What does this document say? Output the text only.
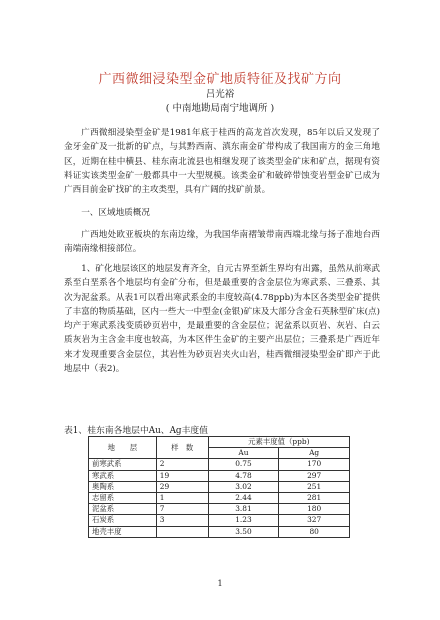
广西微细浸染型金矿地质特征及找矿方向
吕光裕
( 中南地勘局南宁地调所 )

广西微细浸染型金矿是1981年底于桂西的高龙首次发现，85年以后又发现了金牙金矿及一批新的矿点，与其黔西南、滇东南金矿带构成了我国南方的金三角地区，近期在桂中横县、桂东南北流县也相继发现了该类型金矿床和矿点，据现有资料证实该类型金矿一般都具中一大型规模。该类金矿和破碎带蚀变岩型金矿已成为广西目前金矿找矿的主攻类型，具有广阔的找矿前景。

一、区域地质概况

广西地处欧亚板块的东南边缘，为我国华南褶皱带南西端北缘与扬子准地台西南端南缘相接部位。

1、矿化地层该区的地层发育齐全，自元古界至新生界均有出露，虽然从前寒武系至白垩系各个地层均有金矿分布，但是最重要的含金层位为寒武系、三叠系、其次为泥盆系。从表1可以看出寒武系金的丰度较高(4.78ppb)为本区各类型金矿提供了丰富的物质基础，区内一些大一中型金(金银)矿床及大部分含金石英脉型矿床(点)均产于寒武系浅变质砂页岩中，是最重要的含金层位；泥盆系以页岩、灰岩、白云质灰岩为主含金丰度也较高，为本区伴生金矿的主要产出层位；三叠系是广西近年来才发现重要含金层位，其岩性为砂页岩夹火山岩，桂西微细浸染型金矿即产于此地层中（表2)。

表1、桂东南各地层中Au、Ag丰度值
地　　层	样　数	元素丰度值（ppb)	
		Au	Ag
前寒武系	2	0.75	170
寒武系	19	4.78	297
奥陶系	29	3.02	251
志留系	1	2.44	281
泥盆系	7	3.81	180
石炭系	3	1.23	327
地壳丰度		3.50	80
1
